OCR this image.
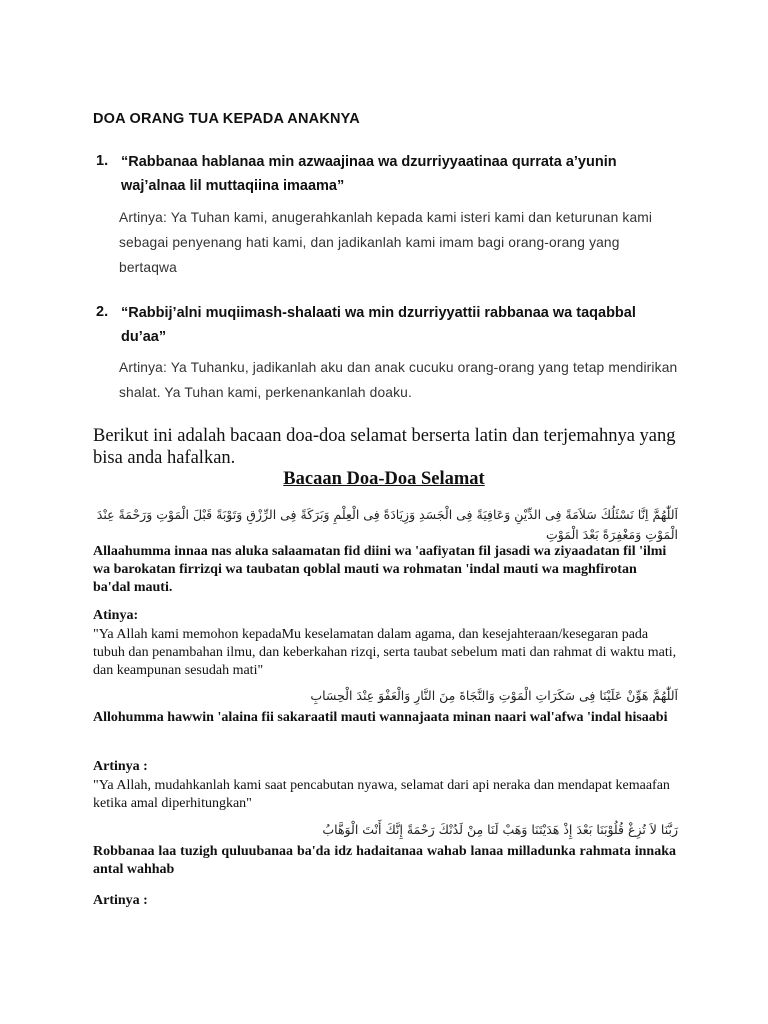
DOA ORANG TUA KEPADA ANAKNYA
1. “Rabbanaa hablanaa min azwaajinaa wa dzurriyyaatinaa qurrata a’yunin waj’alnaa lil muttaqiina imaama”

Artinya: Ya Tuhan kami, anugerahkanlah kepada kami isteri kami dan keturunan kami sebagai penyenang hati kami, dan jadikanlah kami imam bagi orang-orang yang bertaqwa

2. “Rabbij’alni muqiimash-shalaati wa min dzurriyyattii rabbanaa wa taqabbal du’aa”

Artinya: Ya Tuhanku, jadikanlah aku dan anak cucuku orang-orang yang tetap mendirikan shalat. Ya Tuhan kami, perkenankanlah doaku.

Berikut ini adalah bacaan doa-doa selamat berserta latin dan terjemahnya yang bisa anda hafalkan.

Bacaan Doa-Doa Selamat

اَللّٰهُمَّ اِنَّا نَسْئَلُكَ سَلاَمَةً فِى الدِّيْنِ وَعَافِيَةً فِى الْجَسَدِ وَزِيَادَةً فِى الْعِلْمِ وَبَرَكَةً فِى الرِّزْقِ وَتَوْبَةً قَبْلَ الْمَوْتِ وَرَحْمَةً عِنْدَ الْمَوْتِ وَمَغْفِرَةً بَعْدَ الْمَوْتِ

Allaahumma innaa nas aluka salaamatan fid diini wa 'aafiyatan fil jasadi wa ziyaadatan fil 'ilmi wa barokatan firrizqi wa taubatan qoblal mauti wa rohmatan 'indal mauti wa maghfirotan ba'dal mauti.

Atinya:

"Ya Allah kami memohon kepadaMu keselamatan dalam agama, dan kesejahteraan/kesegaran pada tubuh dan penambahan ilmu, dan keberkahan rizqi, serta taubat sebelum mati dan rahmat di waktu mati, dan keampunan sesudah mati"

اَللّٰهُمَّ هَوِّنْ عَلَيْنَا فِى سَكَرَاتِ الْمَوْتِ وَالنَّجَاةَ مِنَ النَّارِ وَالْعَفْوَ عِنْدَ الْحِسَابِ

Allohumma hawwin 'alaina fii sakaraatil mauti wannajaata minan naari wal'afwa 'indal hisaabi

Artinya :

"Ya Allah, mudahkanlah kami saat pencabutan nyawa, selamat dari api neraka dan mendapat kemaafan ketika amal diperhitungkan"

رَبَّنَا لاَ تُزِغْ قُلُوْبَنَا بَعْدَ إِذْ هَدَيْتَنَا وَهَبْ لَنَا مِنْ لَدُنْكَ رَحْمَةً إِنَّكَ أَنْتَ الْوَهَّابُ

Robbanaa laa tuzigh quluubanaa ba'da idz hadaitanaa wahab lanaa milladunka rahmata innaka antal wahhab

Artinya :
